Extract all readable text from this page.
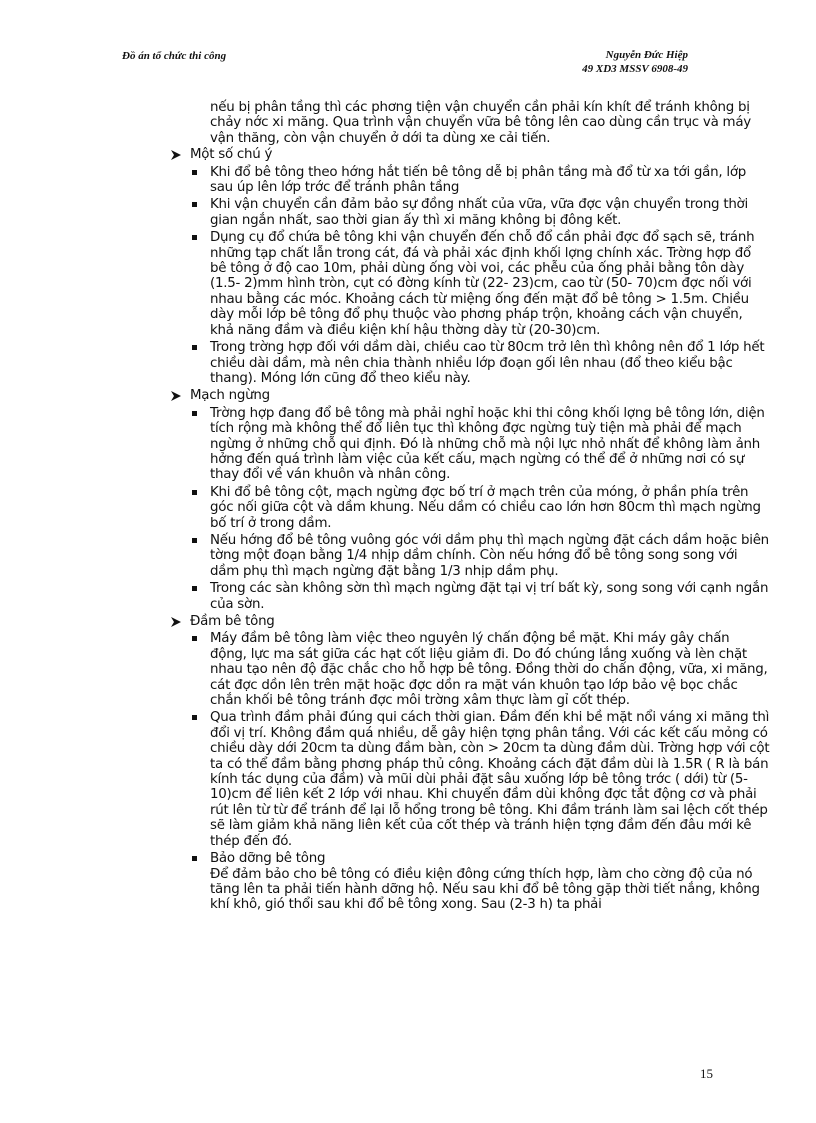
Đồ án tổ chức thi công	Nguyễn Đức Hiệp
49 XD3 MSSV 6908-49

nếu bị phân tầng thì các phơng tiện vận chuyển cần phải kín khít để tránh không bị chảy nớc xi măng. Qua trình vận chuyển vữa bê tông lên cao dùng cần trục và máy vận thăng, còn vận chuyển ở dới ta dùng xe cải tiến.

Một số chú ý
Khi đổ bê tông theo hớng hắt tiến bê tông dễ bị phân tầng mà đổ từ xa tới gần, lớp sau úp lên lớp trớc để tránh phân tầng
Khi vận chuyển cần đảm bảo sự đồng nhất của vữa, vữa đợc vận chuyển trong thời gian ngắn nhất, sao thời gian ấy thì xi măng không bị đông kết.
Dụng cụ đổ chứa bê tông khi vận chuyển đến chỗ đổ cần phải đợc đổ sạch sẽ, tránh những tạp chất lẫn trong cát, đá và phải xác định khối lợng chính xác. Trờng hợp đổ bê tông ở độ cao 10m, phải dùng ống vòi voi, các phễu của ống phải bằng tôn dày (1.5- 2)mm hình tròn, cụt có đờng kính từ (22- 23)cm, cao từ (50- 70)cm đợc nối với nhau bằng các móc. Khoảng cách từ miệng ống đến mặt đổ bê tông > 1.5m. Chiều dày mỗi lớp bê tông đổ phụ thuộc vào phơng pháp trộn, khoảng cách vận chuyển, khả năng đầm và điều kiện khí hậu thờng dày từ (20-30)cm.
Trong trờng hợp đối với dầm dài, chiều cao từ 80cm trở lên thì không nên đổ 1 lớp hết chiều dài dầm, mà nên chia thành nhiều lớp đoạn gối lên nhau (đổ theo kiểu bậc thang). Móng lớn cũng đổ theo kiểu này.
Mạch ngừng
Trờng hợp đang đổ bê tông mà phải nghỉ hoặc khi thi công khối lợng bê tông lớn, diện tích rộng mà không thể đổ liên tục thì không đợc ngừng tuỳ tiện mà phải để mạch ngừng ở những chỗ qui định. Đó là những chỗ mà nội lực nhỏ nhất để không làm ảnh hởng đến quá trình làm việc của kết cấu, mạch ngừng có thể để ở những nơi có sự thay đổi về ván khuôn và nhân công.
Khi đổ bê tông cột, mạch ngừng đợc bố trí ở mạch trên của móng, ở phần phía trên góc nối giữa cột và dầm khung. Nếu dầm có chiều cao lớn hơn 80cm thì mạch ngừng bố trí ở trong dầm.
Nếu hớng đổ bê tông vuông góc với dầm phụ thì mạch ngừng đặt cách dầm hoặc biên tờng một đoạn bằng 1/4 nhịp dầm chính. Còn nếu hớng đổ bê tông song song với dầm phụ thì mạch ngừng đặt bằng 1/3 nhịp dầm phụ.
Trong các sàn không sờn thì mạch ngừng đặt tại vị trí bất kỳ, song song với cạnh ngắn của sờn.
Đầm bê tông
Máy đầm bê tông làm việc theo nguyên lý chấn động bề mặt. Khi máy gây chấn động, lực ma sát giữa các hạt cốt liệu giảm đi. Do đó chúng lắng xuống và lèn chặt nhau tạo nên độ đặc chắc cho hỗ hợp bê tông. Đồng thời do chấn động, vữa, xi măng, cát đợc dồn lên trên mặt hoặc đợc dồn ra mặt ván khuôn tạo lớp bảo vệ bọc chắc chắn khối bê tông tránh đợc môi trờng xâm thực làm gỉ cốt thép.
Qua trình đầm phải đúng qui cách thời gian. Đầm đến khi bề mặt nổi váng xi măng thì đổi vị trí. Không đầm quá nhiều, dễ gây hiện tợng phân tầng. Với các kết cấu mỏng có chiều dày dới 20cm ta dùng đầm bàn, còn > 20cm ta dùng đầm dùi. Trờng hợp với cột ta có thể đầm bằng phơng pháp thủ công. Khoảng cách đặt đầm dùi là 1.5R ( R là bán kính tác dụng của đầm) và mũi dùi phải đặt sâu xuống lớp bê tông trớc ( dới) từ (5- 10)cm để liên kết 2 lớp với nhau. Khi chuyển đầm dùi không đợc tắt động cơ và phải rút lên từ từ để tránh để lại lỗ hổng trong bê tông. Khi đầm tránh làm sai lệch cốt thép sẽ làm giảm khả năng liên kết của cốt thép và tránh hiện tợng đầm đến đâu mới kê thép đến đó.
Bảo dỡng bê tông
Để đảm bảo cho bê tông có điều kiện đông cứng thích hợp, làm cho cờng độ của nó tăng lên ta phải tiến hành dỡng hộ. Nếu sau khi đổ bê tông gặp thời tiết nắng, không khí khô, gió thổi sau khi đổ bê tông xong. Sau (2-3 h) ta phải
15
